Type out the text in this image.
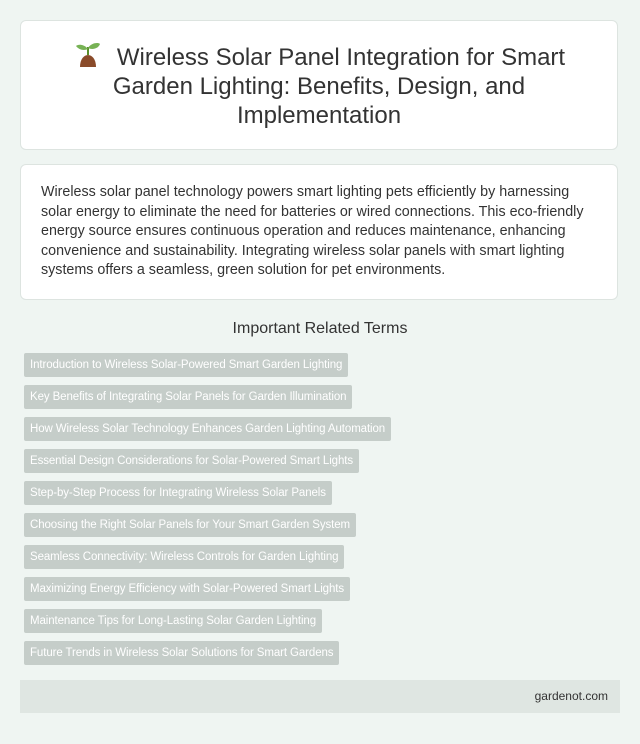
Wireless Solar Panel Integration for Smart Garden Lighting: Benefits, Design, and Implementation

Wireless solar panel technology powers smart lighting pets efficiently by harnessing solar energy to eliminate the need for batteries or wired connections. This eco-friendly energy source ensures continuous operation and reduces maintenance, enhancing convenience and sustainability. Integrating wireless solar panels with smart lighting systems offers a seamless, green solution for pet environments.

Important Related Terms
Introduction to Wireless Solar-Powered Smart Garden Lighting
Key Benefits of Integrating Solar Panels for Garden Illumination
How Wireless Solar Technology Enhances Garden Lighting Automation
Essential Design Considerations for Solar-Powered Smart Lights
Step-by-Step Process for Integrating Wireless Solar Panels
Choosing the Right Solar Panels for Your Smart Garden System
Seamless Connectivity: Wireless Controls for Garden Lighting
Maximizing Energy Efficiency with Solar-Powered Smart Lights
Maintenance Tips for Long-Lasting Solar Garden Lighting
Future Trends in Wireless Solar Solutions for Smart Gardens
gardenot.com
